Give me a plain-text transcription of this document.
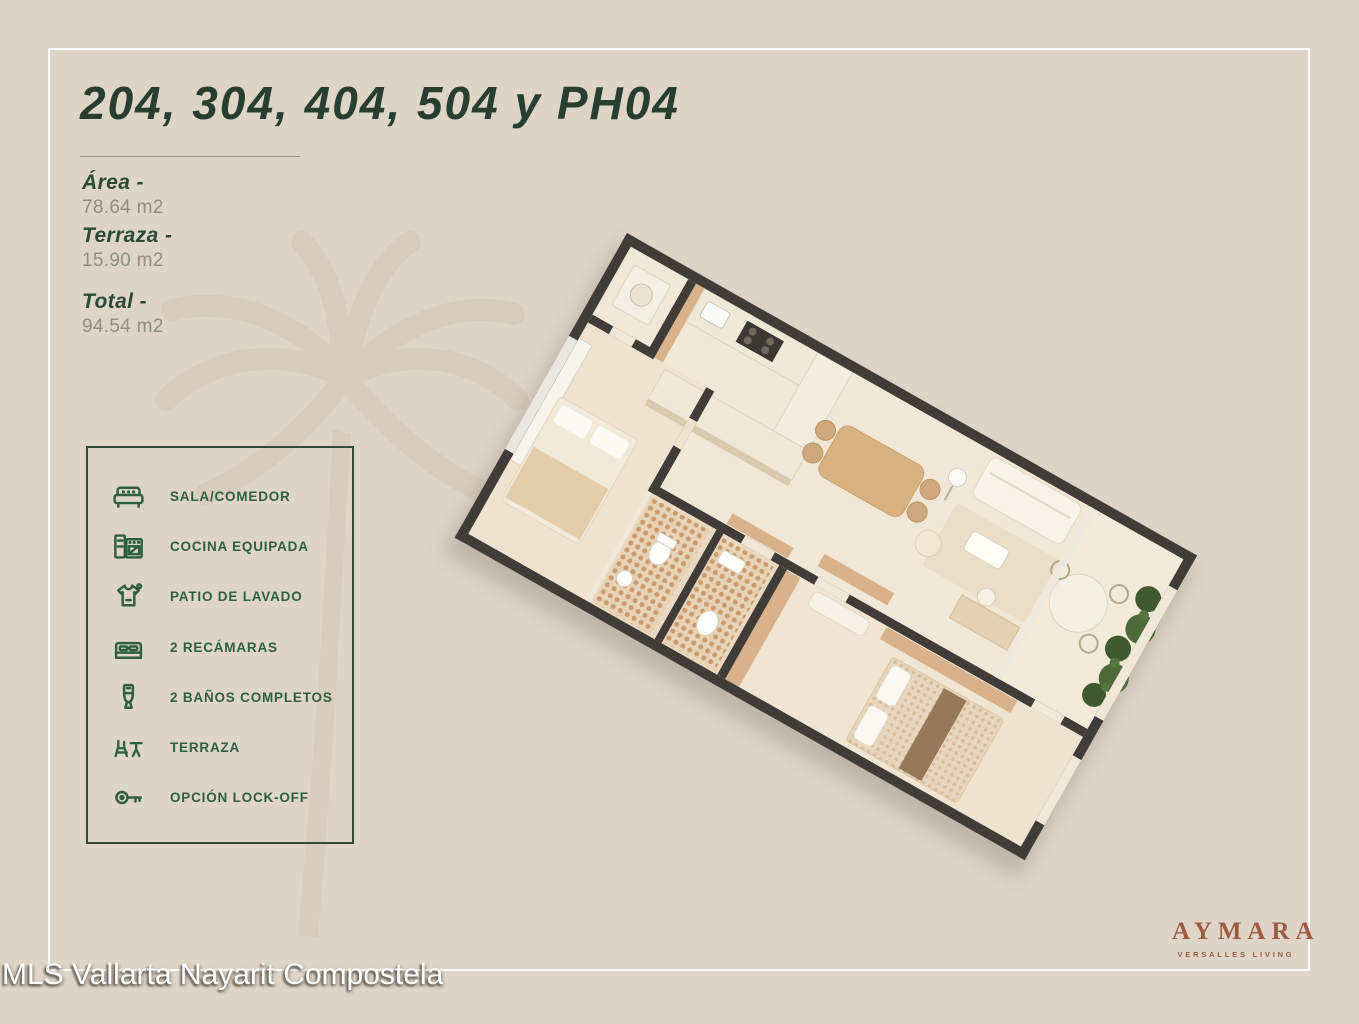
204, 304, 404, 504 y PH04

Área -

78.64 m2

Terraza -

15.90 m2

Total -

94.54 m2

SALA/COMEDOR
COCINA EQUIPADA
PATIO DE LAVADO
2 RECÁMARAS
2 BAÑOS COMPLETOS
TERRAZA
OPCIÓN LOCK-OFF
AYMARA
VERSALLES LIVING
MLS Vallarta Nayarit Compostela
